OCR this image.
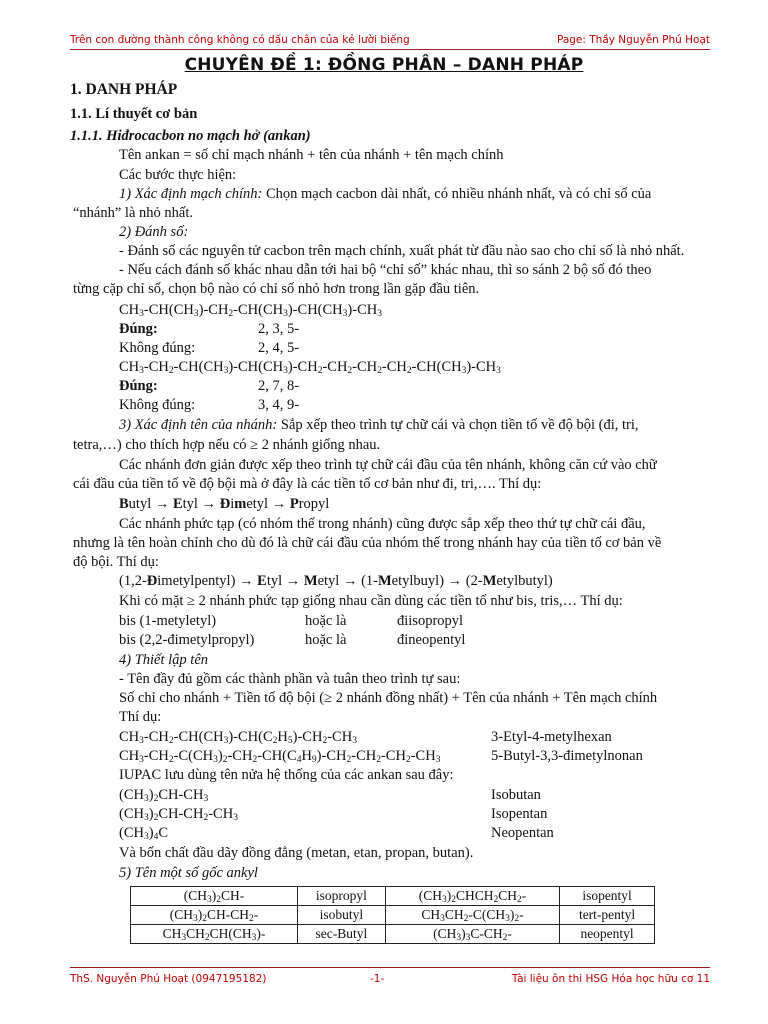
Trên con đường thành công không có dấu chân của kẻ lười biếng	Page: Thầy Nguyễn Phú Hoạt
CHUYÊN ĐỀ 1: ĐỒNG PHÂN – DANH PHÁP
1. DANH PHÁP
1.1. Lí thuyết cơ bản
1.1.1. Hiđrocacbon no mạch hở (ankan)
Tên ankan = số chỉ mạch nhánh + tên của nhánh + tên mạch chính
Các bước thực hiện:
1) Xác định mạch chính: Chọn mạch cacbon dài nhất, có nhiều nhánh nhất, và có chỉ số của
“nhánh” là nhỏ nhất.
2) Đánh số:
- Đánh số các nguyên tử cacbon trên mạch chính, xuất phát từ đầu nào sao cho chỉ số là nhỏ nhất.
- Nếu cách đánh số khác nhau dẫn tới hai bộ “chỉ số” khác nhau, thì so sánh 2 bộ số đó theo
từng cặp chỉ số, chọn bộ nào có chỉ số nhỏ hơn trong lần gặp đầu tiên.
$CH_3-CH(CH_3)-CH_2-CH(CH_3)-CH(CH_3)-CH_3$
Đúng:	2, 3, 5-
Không đúng:	2, 4, 5-
$CH_3-CH_2-CH(CH_3)-CH(CH_3)-CH_2-CH_2-CH_2-CH_2-CH(CH_3)-CH_3$
Đúng:	2, 7, 8-
Không đúng:	3, 4, 9-
3) Xác định tên của nhánh: Sắp xếp theo trình tự chữ cái và chọn tiền tố về độ bội (đi, tri,
tetra,…) cho thích hợp nếu có ≥ 2 nhánh giống nhau.
Các nhánh đơn giản được xếp theo trình tự chữ cái đầu của tên nhánh, không căn cứ vào chữ
cái đầu của tiền tố về độ bội mà ở đây là các tiền tố cơ bản như đi, tri,…. Thí dụ:
Butyl → Etyl → Đimetyl → Propyl
Các nhánh phức tạp (có nhóm thế trong nhánh) cũng được sắp xếp theo thứ tự chữ cái đầu,
nhưng là tên hoàn chỉnh cho dù đó là chữ cái đầu của nhóm thế trong nhánh hay của tiền tố cơ bản về
độ bội. Thí dụ:
(1,2-Đimetylpentyl) → Etyl → Metyl → (1-Metylbuyl) → (2-Metylbutyl)
Khi có mặt ≥ 2 nhánh phức tạp giống nhau cần dùng các tiền tố như bis, tris,… Thí dụ:
bis (1-metyletyl)	hoặc là	điisopropyl
bis (2,2-đimetylpropyl)	hoặc là	đineopentyl
4) Thiết lập tên
- Tên đầy đủ gồm các thành phần và tuân theo trình tự sau:
Số chỉ cho nhánh + Tiền tố độ bội (≥ 2 nhánh đồng nhất) + Tên của nhánh + Tên mạch chính
Thí dụ:
$CH_3-CH_2-CH(CH_3)-CH(C_2H_5)-CH_2-CH_3$	3-Etyl-4-metylhexan
$CH_3-CH_2-C(CH_3)_2-CH_2-CH(C_4H_9)-CH_2-CH_2-CH_2-CH_3$	5-Butyl-3,3-đimetylnonan
IUPAC lưu dùng tên nửa hệ thống của các ankan sau đây:
$(CH_3)_2CH-CH_3$	Isobutan
$(CH_3)_2CH-CH_2-CH_3$	Isopentan
$(CH_3)_4C$	Neopentan
Và bốn chất đầu dãy đồng đẳng (metan, etan, propan, butan).
5) Tên một số gốc ankyl
$(CH_3)_2CH-$	isopropyl	$(CH_3)_2CHCH_2CH_2-$	isopentyl
$(CH_3)_2CH-CH_2-$	isobutyl	$CH_3CH_2-C(CH_3)_2-$	tert-pentyl
$CH_3CH_2CH(CH_3)-$	sec-Butyl	$(CH_3)_3C-CH_2-$	neopentyl
ThS. Nguyễn Phú Hoạt (0947195182)	-1-	Tài liệu ôn thi HSG Hóa học hữu cơ 11
